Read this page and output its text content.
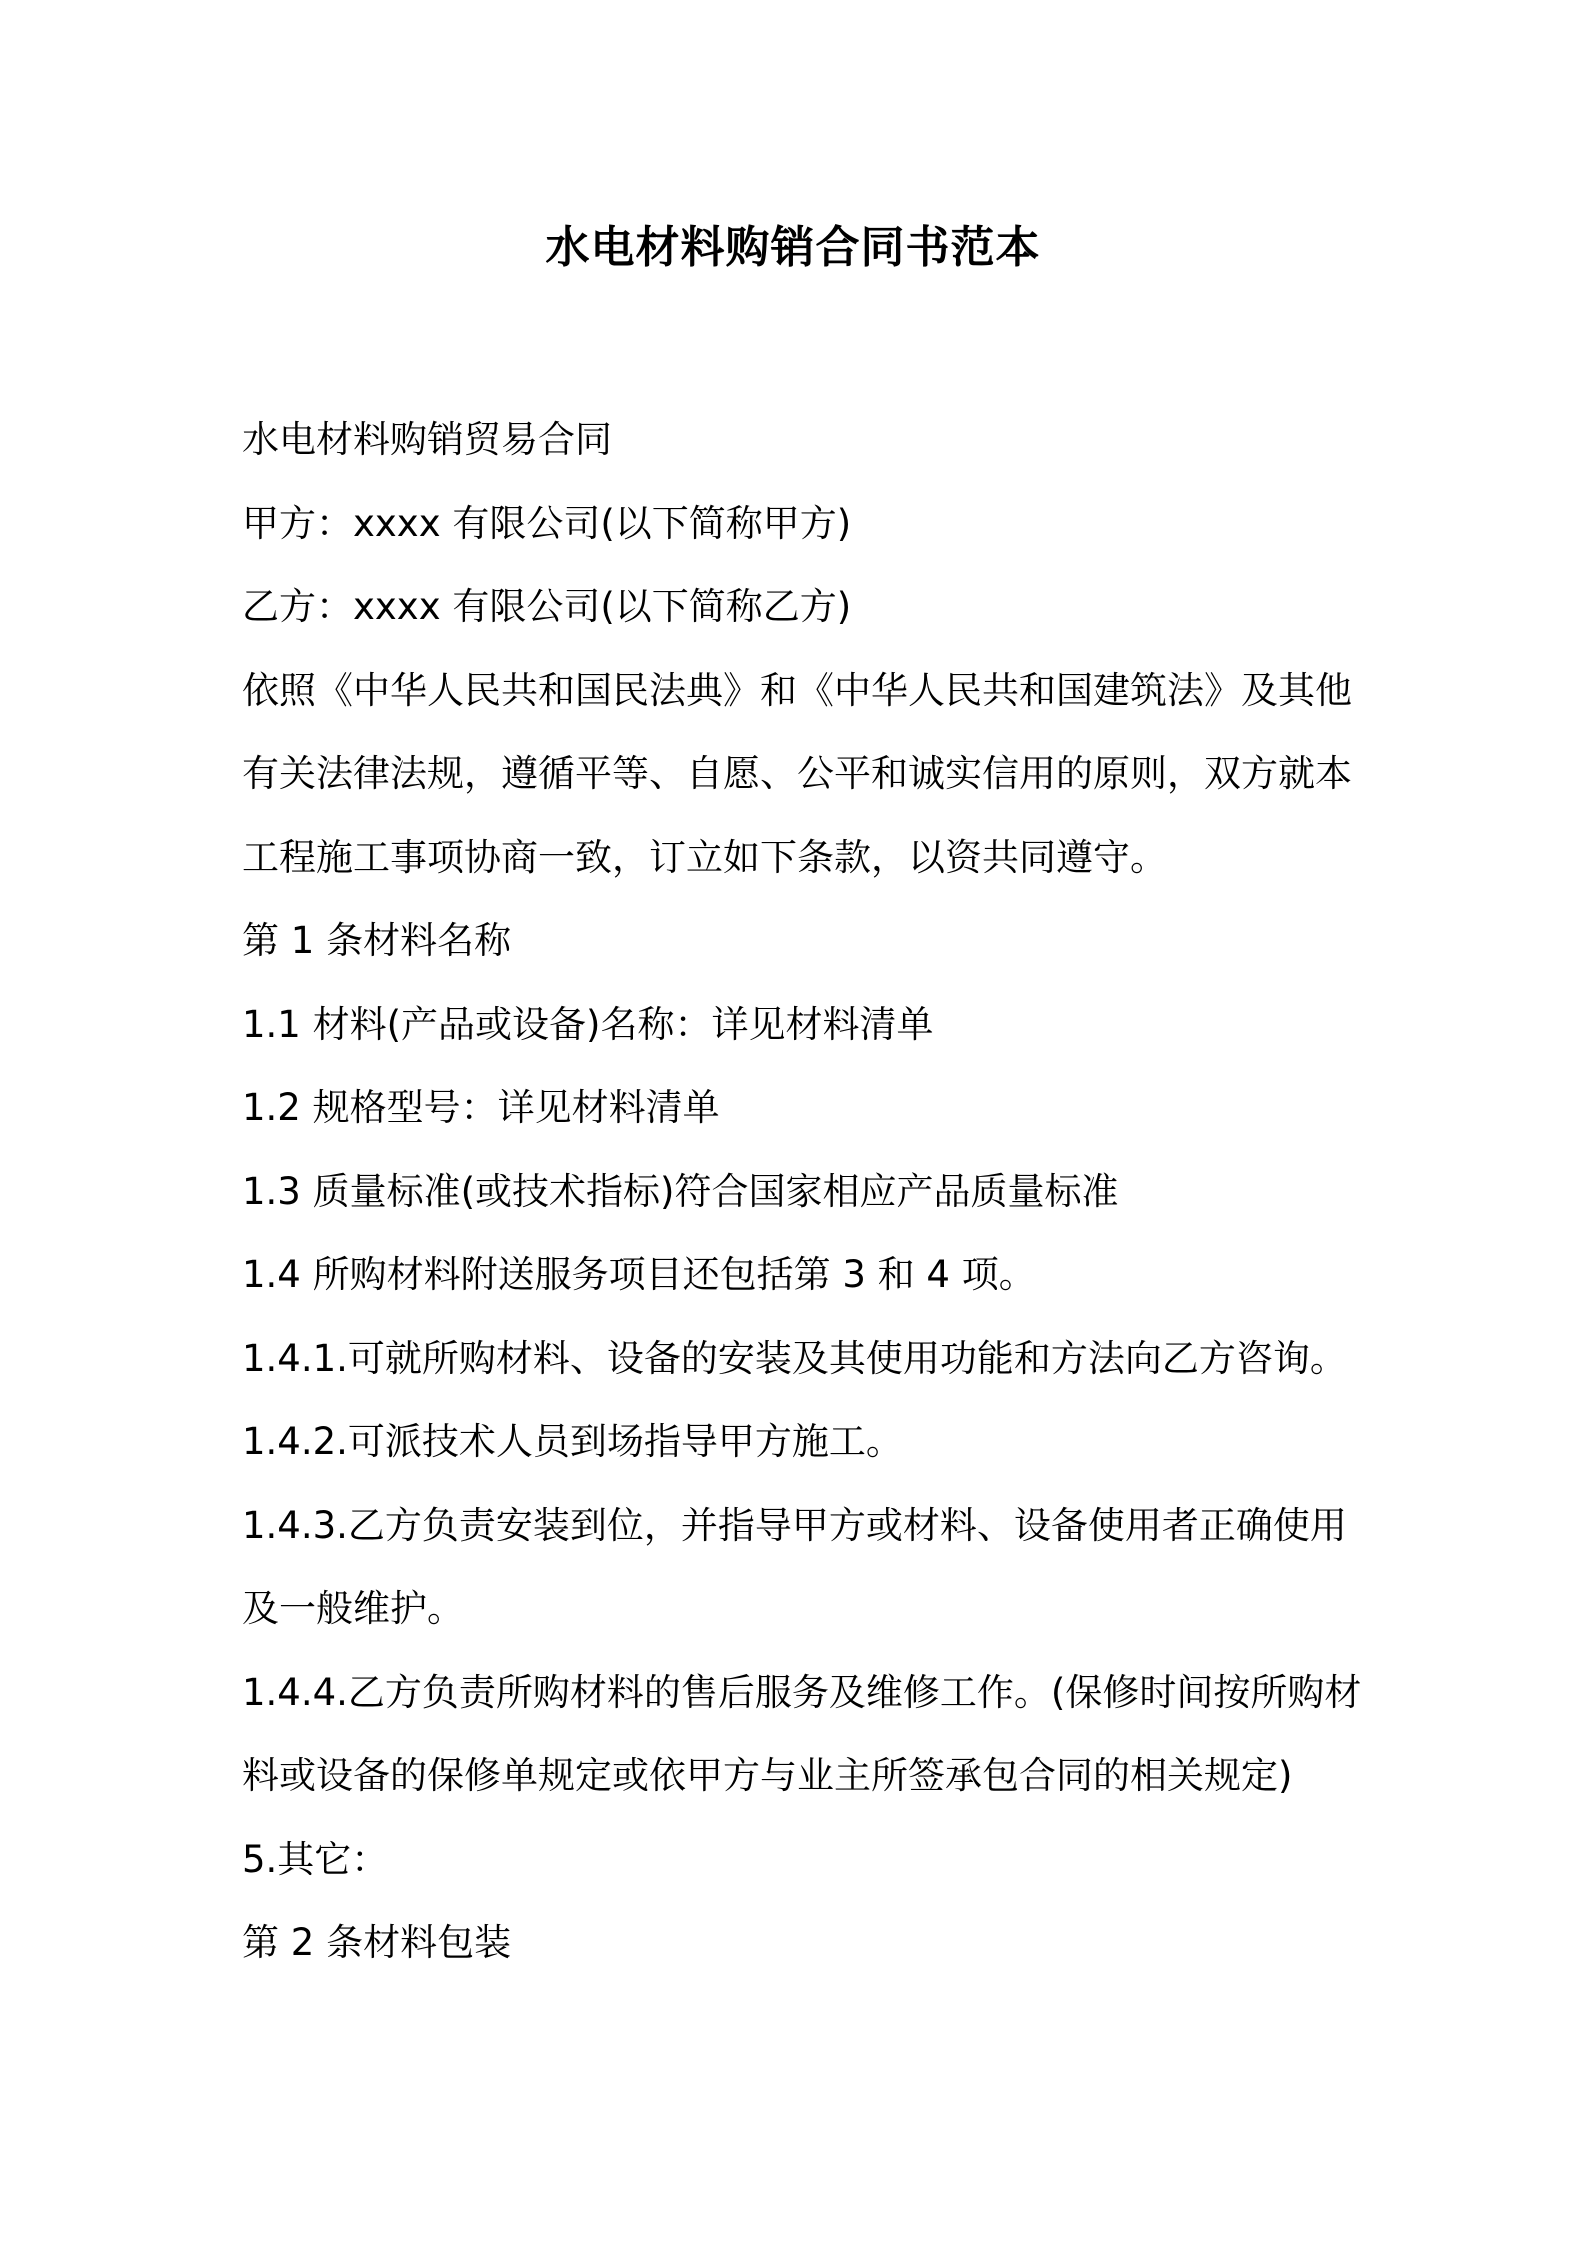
水电材料购销合同书范本

水电材料购销贸易合同

甲方：xxxx 有限公司(以下简称甲方)

乙方：xxxx 有限公司(以下简称乙方)

依照《中华人民共和国民法典》和《中华人民共和国建筑法》及其他有关法律法规，遵循平等、自愿、公平和诚实信用的原则，双方就本工程施工事项协商一致，订立如下条款，以资共同遵守。

第 1 条材料名称

1.1 材料(产品或设备)名称：详见材料清单

1.2 规格型号：详见材料清单

1.3 质量标准(或技术指标)符合国家相应产品质量标准

1.4 所购材料附送服务项目还包括第 3 和 4 项。

1.4.1.可就所购材料、设备的安装及其使用功能和方法向乙方咨询。

1.4.2.可派技术人员到场指导甲方施工。

1.4.3.乙方负责安装到位，并指导甲方或材料、设备使用者正确使用及一般维护。

1.4.4.乙方负责所购材料的售后服务及维修工作。(保修时间按所购材料或设备的保修单规定或依甲方与业主所签承包合同的相关规定)

5.其它：

第 2 条材料包装
